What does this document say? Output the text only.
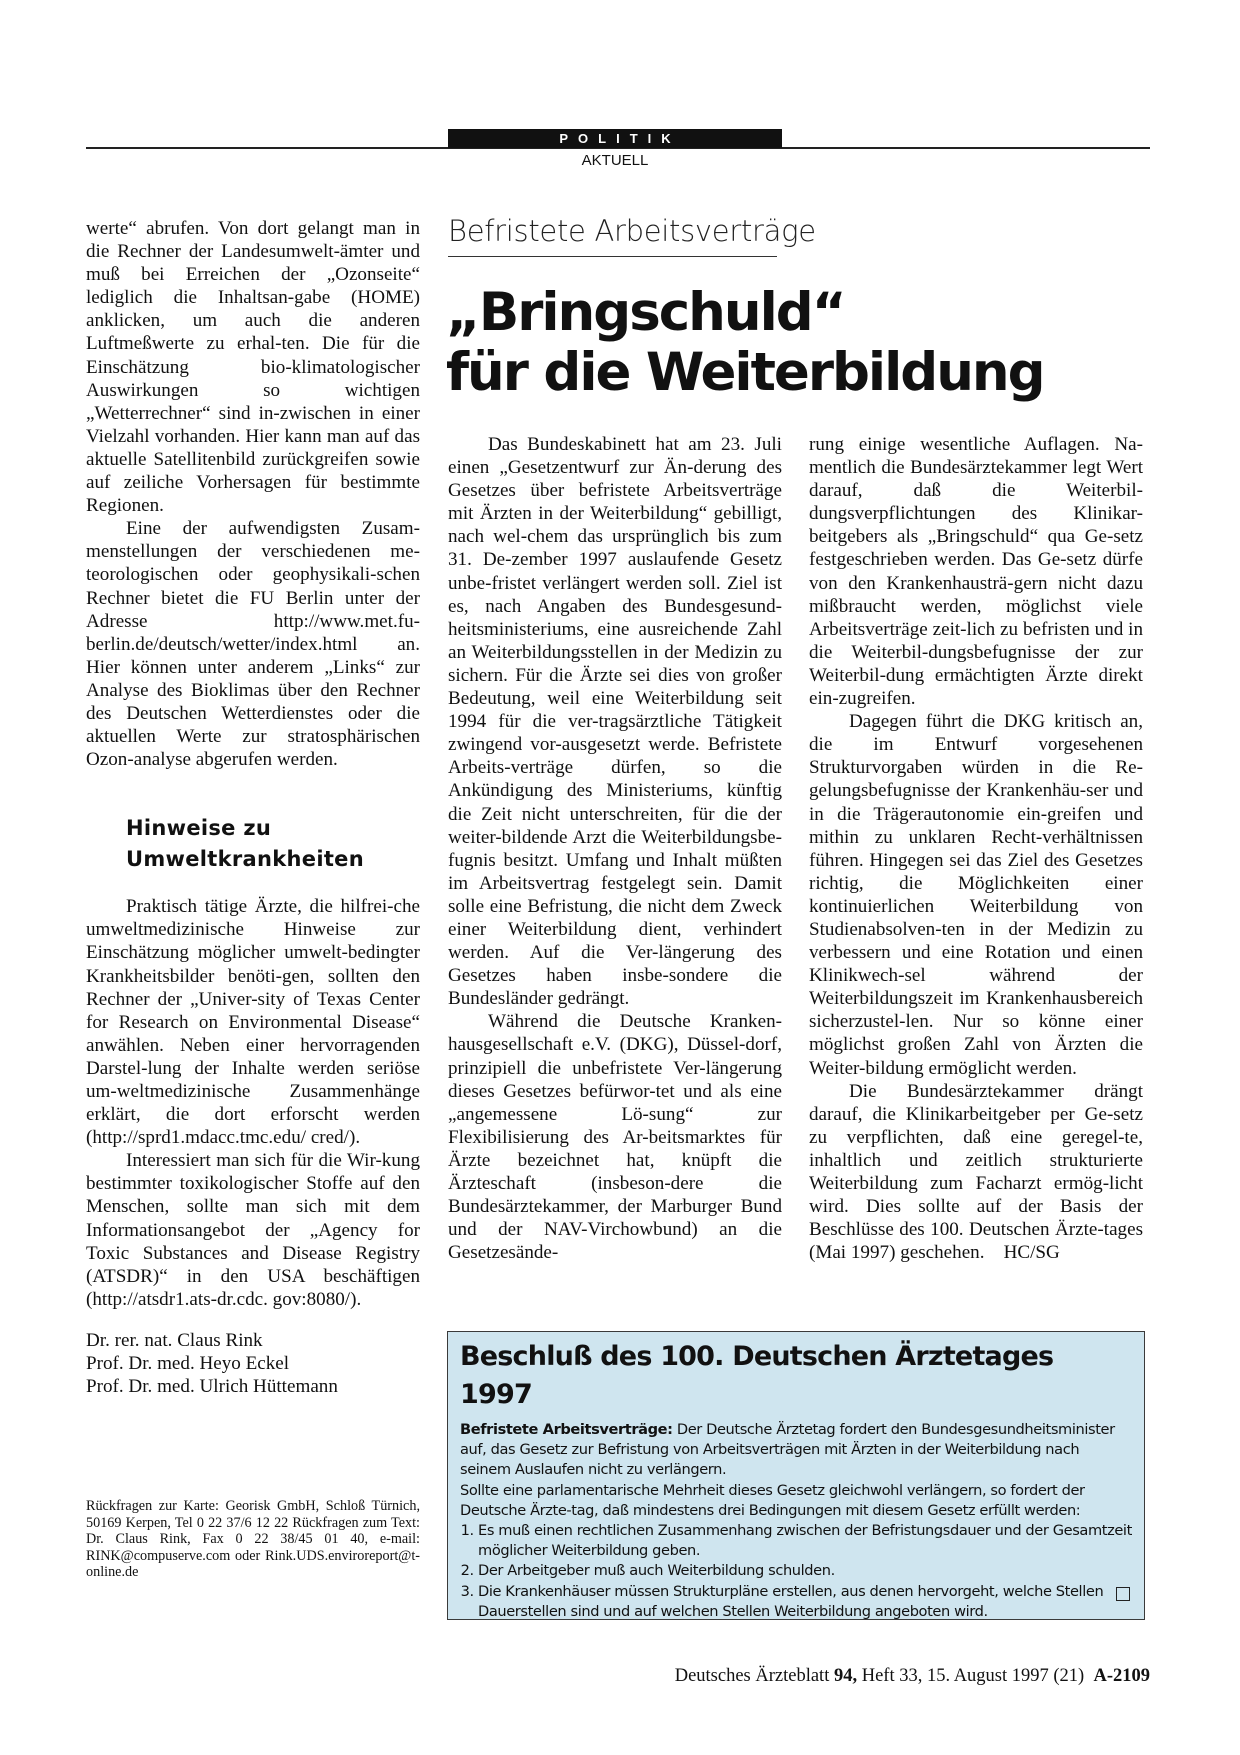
POLITIK
AKTUELL

werte“ abrufen. Von dort gelangt man in die Rechner der Landesumwelt-ämter und muß bei Erreichen der „Ozonseite“ lediglich die Inhaltsan-gabe (HOME) anklicken, um auch die anderen Luftmeßwerte zu erhal-ten. Die für die Einschätzung bio-klimatologischer Auswirkungen so wichtigen „Wetterrechner“ sind in-zwischen in einer Vielzahl vorhanden. Hier kann man auf das aktuelle Satellitenbild zurückgreifen sowie auf zeiliche Vorhersagen für bestimmte Regionen.

Eine der aufwendigsten Zusam-menstellungen der verschiedenen me-teorologischen oder geophysikali-schen Rechner bietet die FU Berlin unter der Adresse http://www.met.fu-berlin.de/deutsch/wetter/index.html an. Hier können unter anderem „Links“ zur Analyse des Bioklimas über den Rechner des Deutschen Wetterdienstes oder die aktuellen Werte zur stratosphärischen Ozon-analyse abgerufen werden.

Hinweise zu
Umweltkrankheiten

Praktisch tätige Ärzte, die hilfrei-che umweltmedizinische Hinweise zur Einschätzung möglicher umwelt-bedingter Krankheitsbilder benöti-gen, sollten den Rechner der „Univer-sity of Texas Center for Research on Environmental Disease“ anwählen. Neben einer hervorragenden Darstel-lung der Inhalte werden seriöse um-weltmedizinische Zusammenhänge erklärt, die dort erforscht werden (http://sprd1.mdacc.tmc.edu/ cred/).

Interessiert man sich für die Wir-kung bestimmter toxikologischer Stoffe auf den Menschen, sollte man sich mit dem Informationsangebot der „Agency for Toxic Substances and Disease Registry (ATSDR)“ in den USA beschäftigen (http://atsdr1.ats-dr.cdc. gov:8080/).

Dr. rer. nat. Claus Rink
Prof. Dr. med. Heyo Eckel
Prof. Dr. med. Ulrich Hüttemann

Rückfragen zur Karte: Georisk GmbH, Schloß Türnich, 50169 Kerpen, Tel 0 22 37/6 12 22 Rückfragen zum Text: Dr. Claus Rink, Fax 0 22 38/45 01 40, e-mail: RINK@compuserve.com oder Rink.UDS.enviroreport@t-online.de

Befristete Arbeitsverträge
„Bringschuld“
für die Weiterbildung

Das Bundeskabinett hat am 23. Juli einen „Gesetzentwurf zur Än-derung des Gesetzes über befristete Arbeitsverträge mit Ärzten in der Weiterbildung“ gebilligt, nach wel-chem das ursprünglich bis zum 31. De-zember 1997 auslaufende Gesetz unbe-fristet verlängert werden soll. Ziel ist es, nach Angaben des Bundesgesund-heitsministeriums, eine ausreichende Zahl an Weiterbildungsstellen in der Medizin zu sichern. Für die Ärzte sei dies von großer Bedeutung, weil eine Weiterbildung seit 1994 für die ver-tragsärztliche Tätigkeit zwingend vor-ausgesetzt werde. Befristete Arbeits-verträge dürfen, so die Ankündigung des Ministeriums, künftig die Zeit nicht unterschreiten, für die der weiter-bildende Arzt die Weiterbildungsbe-fugnis besitzt. Umfang und Inhalt müßten im Arbeitsvertrag festgelegt sein. Damit solle eine Befristung, die nicht dem Zweck einer Weiterbildung dient, verhindert werden. Auf die Ver-längerung des Gesetzes haben insbe-sondere die Bundesländer gedrängt.

Während die Deutsche Kranken-hausgesellschaft e.V. (DKG), Düssel-dorf, prinzipiell die unbefristete Ver-längerung dieses Gesetzes befürwor-tet und als eine „angemessene Lö-sung“ zur Flexibilisierung des Ar-beitsmarktes für Ärzte bezeichnet hat, knüpft die Ärzteschaft (insbeson-dere die Bundesärztekammer, der Marburger Bund und der NAV-Virchowbund) an die Gesetzesände-

rung einige wesentliche Auflagen. Na-mentlich die Bundesärztekammer legt Wert darauf, daß die Weiterbil-dungsverpflichtungen des Klinikar-beitgebers als „Bringschuld“ qua Ge-setz festgeschrieben werden. Das Ge-setz dürfe von den Krankenhausträ-gern nicht dazu mißbraucht werden, möglichst viele Arbeitsverträge zeit-lich zu befristen und in die Weiterbil-dungsbefugnisse der zur Weiterbil-dung ermächtigten Ärzte direkt ein-zugreifen.

Dagegen führt die DKG kritisch an, die im Entwurf vorgesehenen Strukturvorgaben würden in die Re-gelungsbefugnisse der Krankenhäu-ser und in die Trägerautonomie ein-greifen und mithin zu unklaren Recht-verhältnissen führen. Hingegen sei das Ziel des Gesetzes richtig, die Möglichkeiten einer kontinuierlichen Weiterbildung von Studienabsolven-ten in der Medizin zu verbessern und eine Rotation und einen Klinikwech-sel während der Weiterbildungszeit im Krankenhausbereich sicherzustel-len. Nur so könne einer möglichst großen Zahl von Ärzten die Weiter-bildung ermöglicht werden.

Die Bundesärztekammer drängt darauf, die Klinikarbeitgeber per Ge-setz zu verpflichten, daß eine geregel-te, inhaltlich und zeitlich strukturierte Weiterbildung zum Facharzt ermög-licht wird. Dies sollte auf der Basis der Beschlüsse des 100. Deutschen Ärzte-tages (Mai 1997) geschehen. HC/SG

Beschluß des 100. Deutschen Ärztetages 1997

Befristete Arbeitsverträge: Der Deutsche Ärztetag fordert den Bundesgesundheitsminister auf, das Gesetz zur Befristung von Arbeitsverträgen mit Ärzten in der Weiterbildung nach seinem Auslaufen nicht zu verlängern.

Sollte eine parlamentarische Mehrheit dieses Gesetz gleichwohl verlängern, so fordert der Deutsche Ärzte-tag, daß mindestens drei Bedingungen mit diesem Gesetz erfüllt werden:

1. Es muß einen rechtlichen Zusammenhang zwischen der Befristungsdauer und der Gesamtzeit möglicher Weiterbildung geben.
2. Der Arbeitgeber muß auch Weiterbildung schulden.
3. Die Krankenhäuser müssen Strukturpläne erstellen, aus denen hervorgeht, welche Stellen Dauerstellen sind und auf welchen Stellen Weiterbildung angeboten wird.
Deutsches Ärzteblatt 94, Heft 33, 15. August 1997 (21) A-2109
